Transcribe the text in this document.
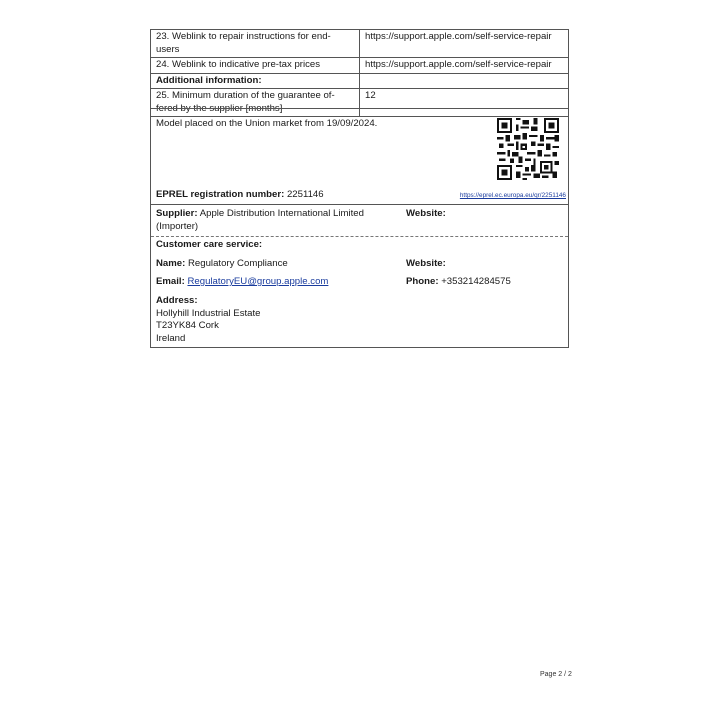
23. Weblink to repair instructions for end-users	https://support.apple.com/self-service-repair
24. Weblink to indicative pre-tax prices	https://support.apple.com/self-service-repair
Additional information:	
25. Minimum duration of the guarantee of-fered by the supplier [months]	12
Model placed on the Union market from 19/09/2024.
EPREL registration number: 2251146	https://eprel.ec.europa.eu/qr/2251146
Supplier: Apple Distribution International Limited (Importer)
Website:
Customer care service:
Name: Regulatory Compliance	Website:
Email: RegulatoryEU@group.apple.com	Phone: +353214284575
Address:
Hollyhill Industrial Estate
T23YK84 Cork
Ireland
Page 2 / 2
